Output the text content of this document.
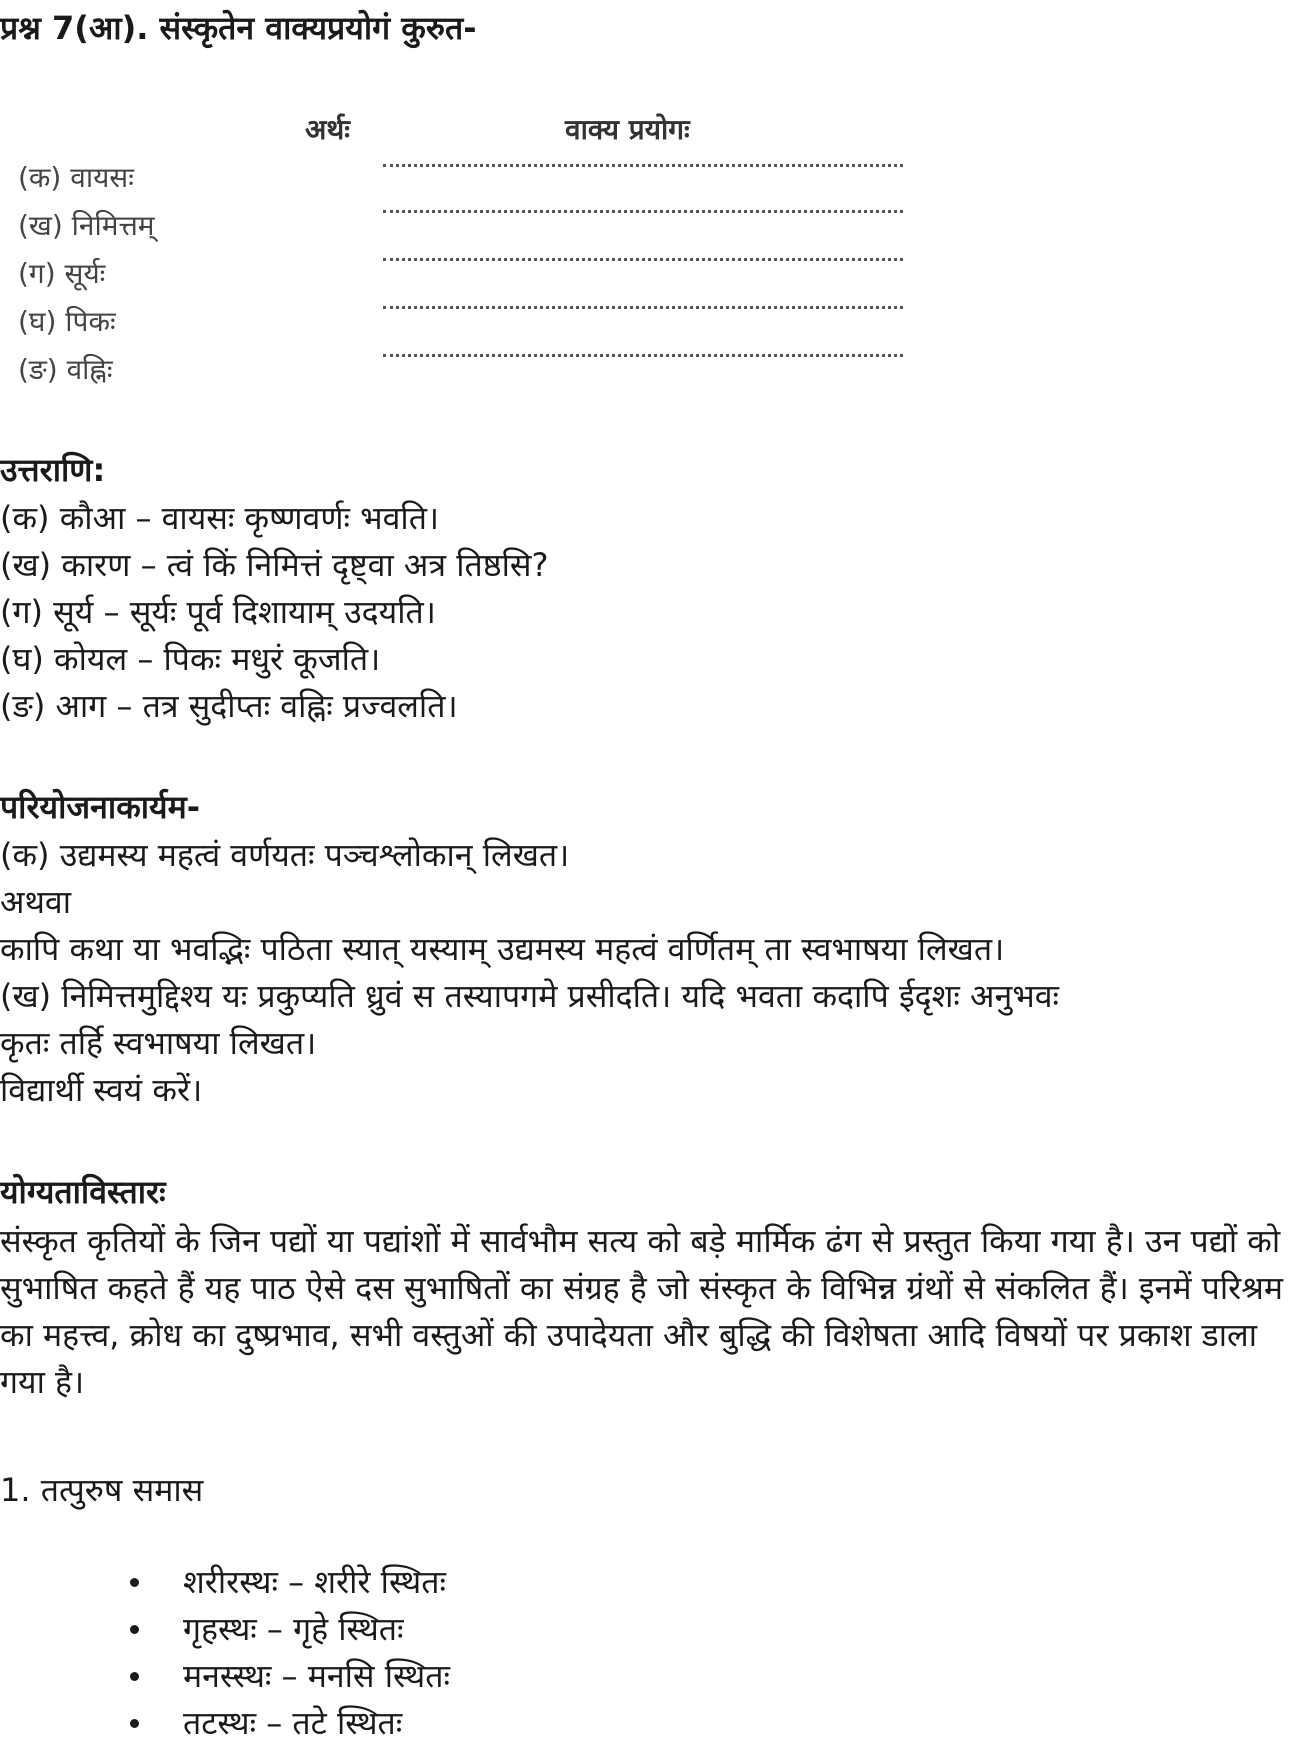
प्रश्न 7(आ). संस्कृतेन वाक्यप्रयोगं कुरुत-
अर्थः	वाक्य प्रयोगः
(क) वायसः
(ख) निमित्तम्
(ग) सूर्यः
(घ) पिकः
(ङ) वह्निः
उत्तराणि:
(क) कौआ – वायसः कृष्णवर्णः भवति।
(ख) कारण – त्वं किं निमित्तं दृष्ट्वा अत्र तिष्ठसि?
(ग) सूर्य – सूर्यः पूर्व दिशायाम् उदयति।
(घ) कोयल – पिकः मधुरं कूजति।
(ङ) आग – तत्र सुदीप्तः वह्निः प्रज्वलति।
परियोजनाकार्यम-
(क) उद्यमस्य महत्वं वर्णयतः पञ्चश्लोकान् लिखत।
अथवा
कापि कथा या भवद्भिः पठिता स्यात् यस्याम् उद्यमस्य महत्वं वर्णितम् ता स्वभाषया लिखत।
(ख) निमित्तमुद्दिश्य यः प्रकुप्यति ध्रुवं स तस्यापगमे प्रसीदति। यदि भवता कदापि ईदृशः अनुभवः
कृतः तर्हि स्वभाषया लिखत।
विद्यार्थी स्वयं करें।
योग्यताविस्तारः
संस्कृत कृतियों के जिन पद्यों या पद्यांशों में सार्वभौम सत्य को बड़े मार्मिक ढंग से प्रस्तुत किया गया है। उन पद्यों को सुभाषित कहते हैं यह पाठ ऐसे दस सुभाषितों का संग्रह है जो संस्कृत के विभिन्न ग्रंथों से संकलित हैं। इनमें परिश्रम का महत्त्व, क्रोध का दुष्प्रभाव, सभी वस्तुओं की उपादेयता और बुद्धि की विशेषता आदि विषयों पर प्रकाश डाला गया है।
1. तत्पुरुष समास
शरीरस्थः – शरीरे स्थितः
गृहस्थः – गृहे स्थितः
मनस्स्थः – मनसि स्थितः
तटस्थः – तटे स्थितः
